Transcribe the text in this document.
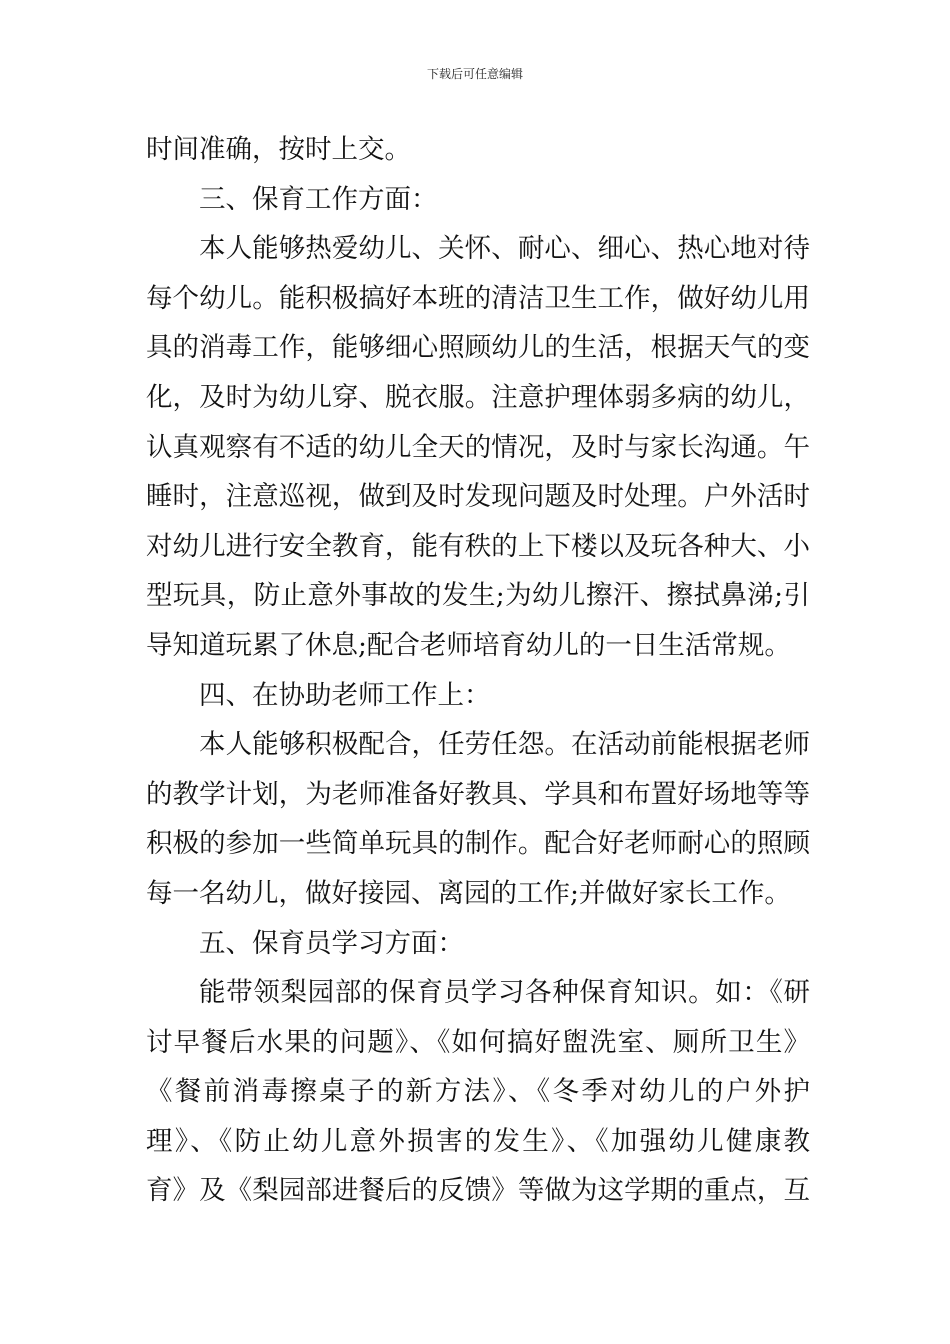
下载后可任意编辑
时间准确，按时上交。
三、保育工作方面：
本人能够热爱幼儿、关怀、耐心、细心、热心地对待
每个幼儿。能积极搞好本班的清洁卫生工作，做好幼儿用
具的消毒工作，能够细心照顾幼儿的生活，根据天气的变
化，及时为幼儿穿、脱衣服。注意护理体弱多病的幼儿，
认真观察有不适的幼儿全天的情况，及时与家长沟通。午
睡时，注意巡视，做到及时发现问题及时处理。户外活时
对幼儿进行安全教育，能有秩的上下楼以及玩各种大、小
型玩具，防止意外事故的发生;为幼儿擦汗、擦拭鼻涕;引
导知道玩累了休息;配合老师培育幼儿的一日生活常规。
四、在协助老师工作上：
本人能够积极配合，任劳任怨。在活动前能根据老师
的教学计划，为老师准备好教具、学具和布置好场地等等
积极的参加一些简单玩具的制作。配合好老师耐心的照顾
每一名幼儿，做好接园、离园的工作;并做好家长工作。
五、保育员学习方面：
能带领梨园部的保育员学习各种保育知识。如：《研
讨早餐后水果的问题》、《如何搞好盥洗室、厕所卫生》
《餐前消毒擦桌子的新方法》、《冬季对幼儿的户外护
理》、《防止幼儿意外损害的发生》、《加强幼儿健康教
育》及《梨园部进餐后的反馈》等做为这学期的重点，互
